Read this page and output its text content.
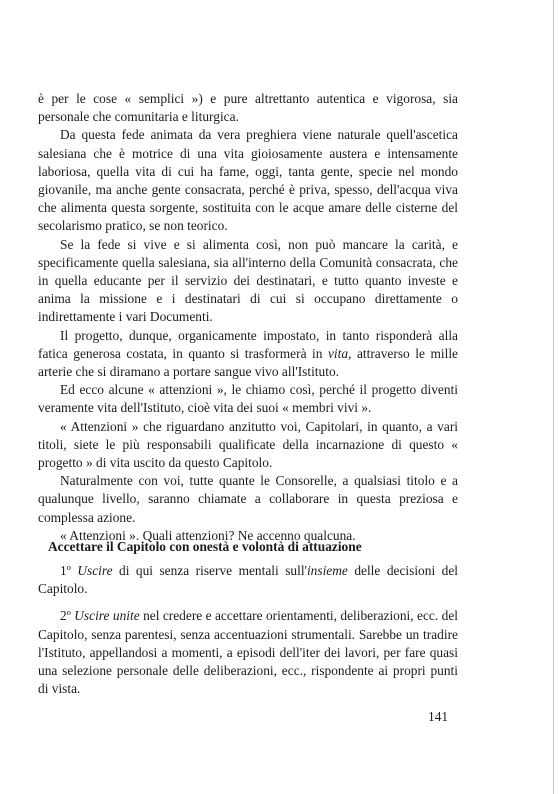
è per le cose « semplici ») e pure altrettanto autentica e vigorosa, sia personale che comunitaria e liturgica.

Da questa fede animata da vera preghiera viene naturale quell'ascetica salesiana che è motrice di una vita gioiosamente austera e intensamente laboriosa, quella vita di cui ha fame, oggi, tanta gente, specie nel mondo giovanile, ma anche gente consacrata, perché è priva, spesso, dell'acqua viva che alimenta questa sorgente, sostituita con le acque amare delle cisterne del secolarismo pratico, se non teorico.

Se la fede si vive e si alimenta così, non può mancare la carità, e specificamente quella salesiana, sia all'interno della Comunità consacrata, che in quella educante per il servizio dei destinatari, e tutto quanto investe e anima la missione e i destinatari di cui si occupano direttamente o indirettamente i vari Documenti.

Il progetto, dunque, organicamente impostato, in tanto risponderà alla fatica generosa costata, in quanto si trasformerà in vita, attraverso le mille arterie che si diramano a portare sangue vivo all'Istituto.

Ed ecco alcune « attenzioni », le chiamo così, perché il progetto diventi veramente vita dell'Istituto, cioè vita dei suoi « membri vivi ».

« Attenzioni » che riguardano anzitutto voi, Capitolari, in quanto, a vari titoli, siete le più responsabili qualificate della incarnazione di questo « progetto » di vita uscito da questo Capitolo.

Naturalmente con voi, tutte quante le Consorelle, a qualsiasi titolo e a qualunque livello, saranno chiamate a collaborare in questa preziosa e complessa azione.

« Attenzioni ». Quali attenzioni? Ne accenno qualcuna.

Accettare il Capitolo con onestà e volontà di attuazione

1º Uscire di qui senza riserve mentali sull'insieme delle decisioni del Capitolo.

2º Uscire unite nel credere e accettare orientamenti, deliberazioni, ecc. del Capitolo, senza parentesi, senza accentuazioni strumentali. Sarebbe un tradire l'Istituto, appellandosi a momenti, a episodi dell'iter dei lavori, per fare quasi una selezione personale delle deliberazioni, ecc., rispondente ai propri punti di vista.

141
